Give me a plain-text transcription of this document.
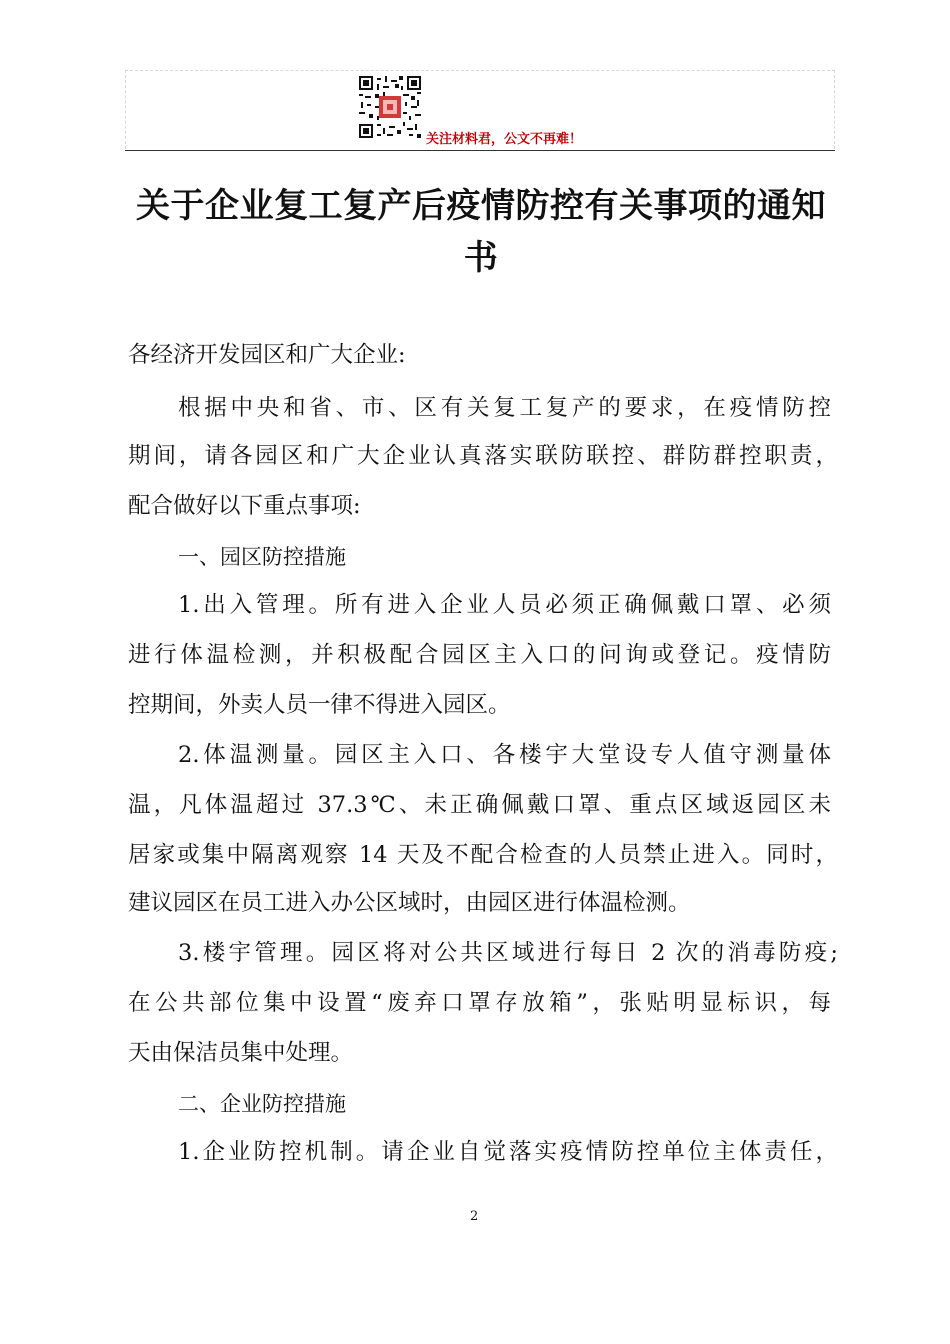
关注材料君，公文不再难！
关于企业复工复产后疫情防控有关事项的通知
书
各经济开发园区和广大企业:
根据中央和省、市、区有关复工复产的要求，在疫情防控
期间，请各园区和广大企业认真落实联防联控、群防群控职责，
配合做好以下重点事项:
一、园区防控措施
1.出入管理。所有进入企业人员必须正确佩戴口罩、必须
进行体温检测，并积极配合园区主入口的问询或登记。疫情防
控期间，外卖人员一律不得进入园区。
2.体温测量。园区主入口、各楼宇大堂设专人值守测量体
温，凡体温超过 37.3℃、未正确佩戴口罩、重点区域返园区未
居家或集中隔离观察 14 天及不配合检查的人员禁止进入。同时，
建议园区在员工进入办公区域时，由园区进行体温检测。
3.楼宇管理。园区将对公共区域进行每日 2 次的消毒防疫;
在公共部位集中设置“废弃口罩存放箱”，张贴明显标识，每
天由保洁员集中处理。
二、企业防控措施
1.企业防控机制。请企业自觉落实疫情防控单位主体责任，
2
